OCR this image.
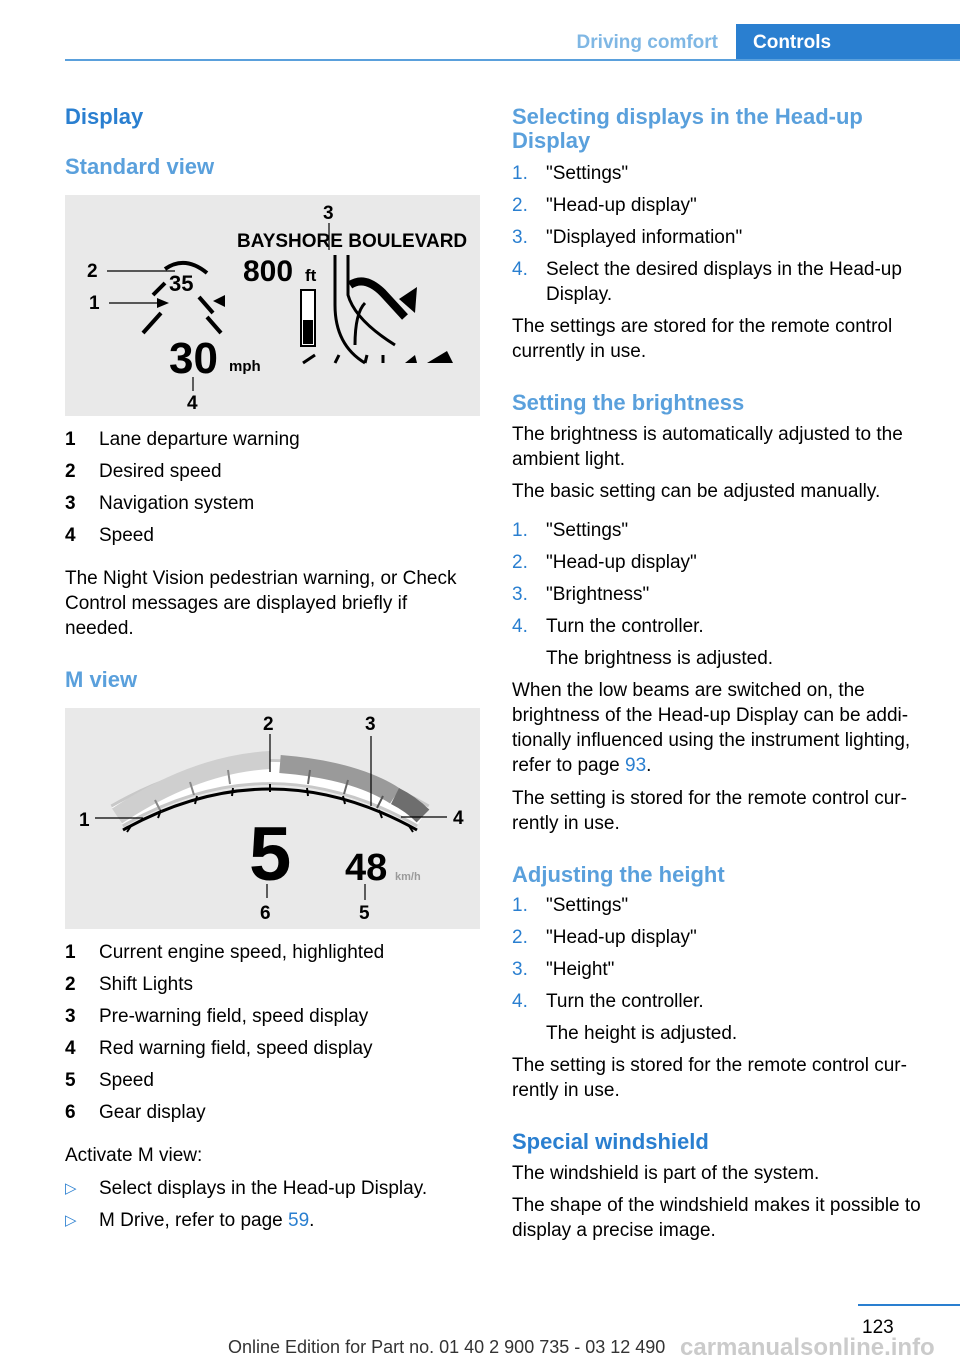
Driving comfort	Controls
Display
Standard view
3
BAYSHORE BOULEVARD
800 ft
35
2
1
30 mph
4
1 Lane departure warning
2 Desired speed
3 Navigation system
4 Speed
The Night Vision pedestrian warning, or Check Control messages are displayed briefly if needed.
M view
1
2	3
4
5
6
48 km/h
5
1 Current engine speed, highlighted
2 Shift Lights
3 Pre-warning field, speed display
4 Red warning field, speed display
5 Speed
6 Gear display
Activate M view:
▷ Select displays in the Head-up Display.
▷ M Drive, refer to page 59.
Selecting displays in the Head-up Display
1. "Settings"
2. "Head-up display"
3. "Displayed information"
4. Select the desired displays in the Head-up Display.
The settings are stored for the remote control currently in use.
Setting the brightness
The brightness is automatically adjusted to the ambient light.
The basic setting can be adjusted manually.
1. "Settings"
2. "Head-up display"
3. "Brightness"
4. Turn the controller.
The brightness is adjusted.
When the low beams are switched on, the brightness of the Head-up Display can be additionally influenced using the instrument lighting, refer to page 93.
The setting is stored for the remote control currently in use.
Adjusting the height
1. "Settings"
2. "Head-up display"
3. "Height"
4. Turn the controller.
The height is adjusted.
The setting is stored for the remote control currently in use.
Special windshield
The windshield is part of the system.
The shape of the windshield makes it possible to display a precise image.
123
Online Edition for Part no. 01 40 2 900 735 - 03 12 490 carmanualsonline.info
